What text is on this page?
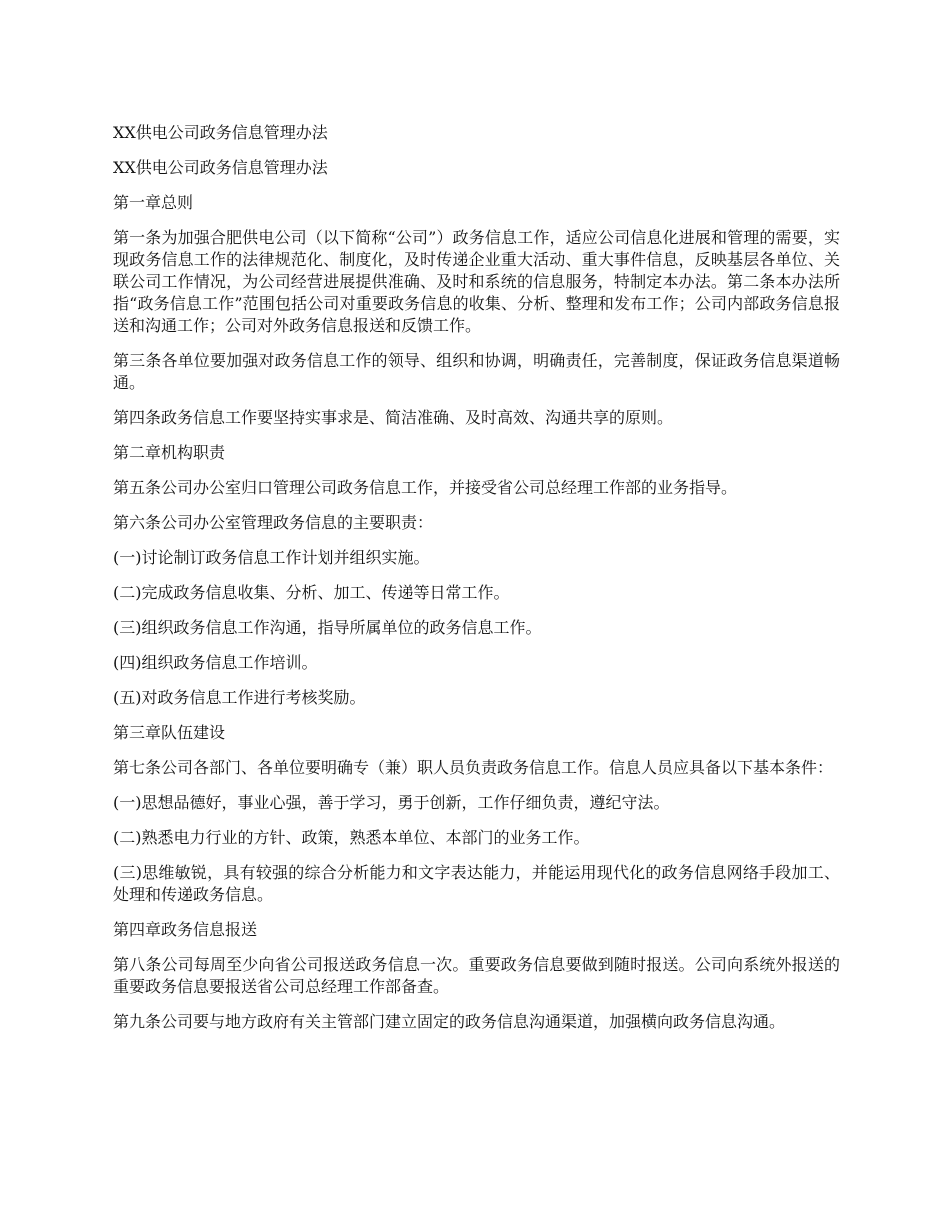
XX供电公司政务信息管理办法

XX供电公司政务信息管理办法

第一章总则

第一条为加强合肥供电公司（以下简称“公司”）政务信息工作，适应公司信息化进展和管理的需要，实现政务信息工作的法律规范化、制度化，及时传递企业重大活动、重大事件信息，反映基层各单位、关联公司工作情况，为公司经营进展提供准确、及时和系统的信息服务，特制定本办法。第二条本办法所指“政务信息工作”范围包括公司对重要政务信息的收集、分析、整理和发布工作；公司内部政务信息报送和沟通工作；公司对外政务信息报送和反馈工作。

第三条各单位要加强对政务信息工作的领导、组织和协调，明确责任，完善制度，保证政务信息渠道畅通。

第四条政务信息工作要坚持实事求是、简洁准确、及时高效、沟通共享的原则。

第二章机构职责

第五条公司办公室归口管理公司政务信息工作，并接受省公司总经理工作部的业务指导。

第六条公司办公室管理政务信息的主要职责：

(一)讨论制订政务信息工作计划并组织实施。

(二)完成政务信息收集、分析、加工、传递等日常工作。

(三)组织政务信息工作沟通，指导所属单位的政务信息工作。

(四)组织政务信息工作培训。

(五)对政务信息工作进行考核奖励。

第三章队伍建设

第七条公司各部门、各单位要明确专（兼）职人员负责政务信息工作。信息人员应具备以下基本条件：

(一)思想品德好，事业心强，善于学习，勇于创新，工作仔细负责，遵纪守法。

(二)熟悉电力行业的方针、政策，熟悉本单位、本部门的业务工作。

(三)思维敏锐，具有较强的综合分析能力和文字表达能力，并能运用现代化的政务信息网络手段加工、处理和传递政务信息。

第四章政务信息报送

第八条公司每周至少向省公司报送政务信息一次。重要政务信息要做到随时报送。公司向系统外报送的重要政务信息要报送省公司总经理工作部备查。

第九条公司要与地方政府有关主管部门建立固定的政务信息沟通渠道，加强横向政务信息沟通。
